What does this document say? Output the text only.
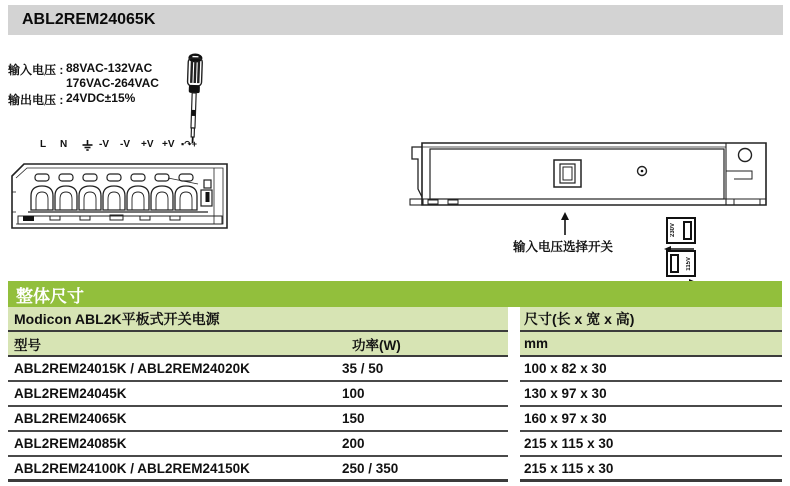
ABL2REM24065K
输入电压 : 88VAC-132VAC
176VAC-264VAC
输出电压 : 24VDC±15%
L N	-V -V +V +V ▪↷+
输入电压选择开关
230V
115V
整体尺寸
Modicon ABL2K平板式开关电源	尺寸(长 x 宽 x 高)
型号	功率(W)	mm
ABL2REM24015K / ABL2REM24020K	35 / 50	100 x 82 x 30
ABL2REM24045K	100	130 x 97 x 30
ABL2REM24065K	150	160 x 97 x 30
ABL2REM24085K	200	215 x 115 x 30
ABL2REM24100K / ABL2REM24150K	250 / 350	215 x 115 x 30
